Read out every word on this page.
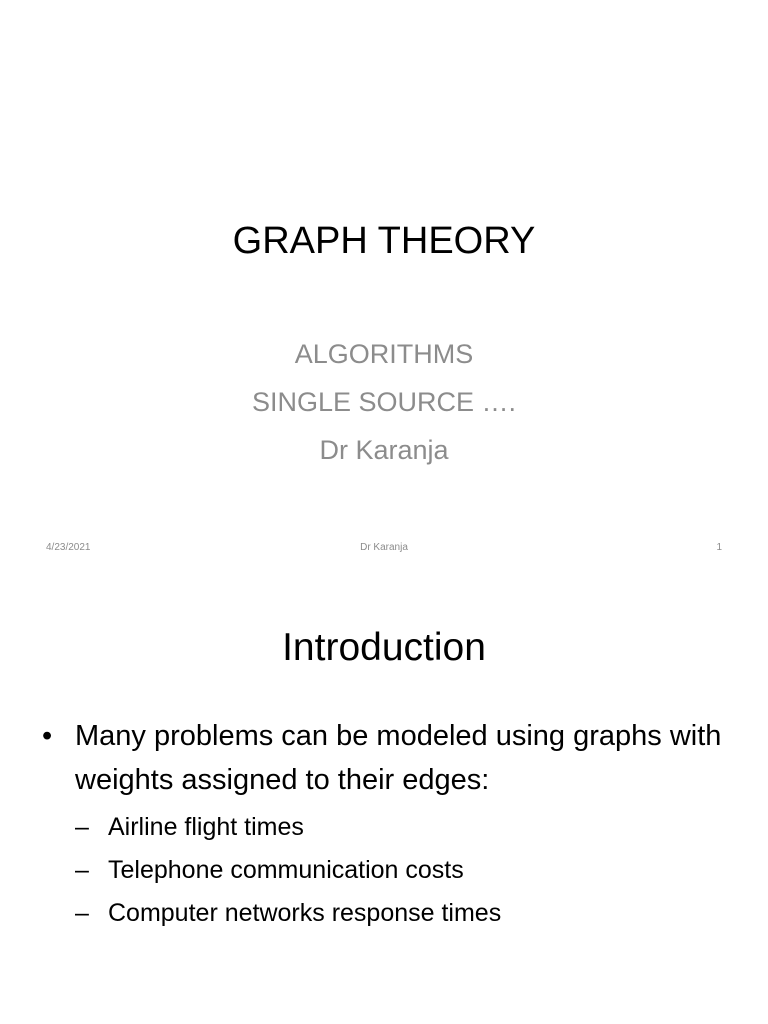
GRAPH THEORY
ALGORITHMS
SINGLE SOURCE ….
Dr Karanja
4/23/2021	Dr Karanja	1
Introduction
• Many problems can be modeled using graphs with weights assigned to their edges:
– Airline flight times
– Telephone communication costs
– Computer networks response times
